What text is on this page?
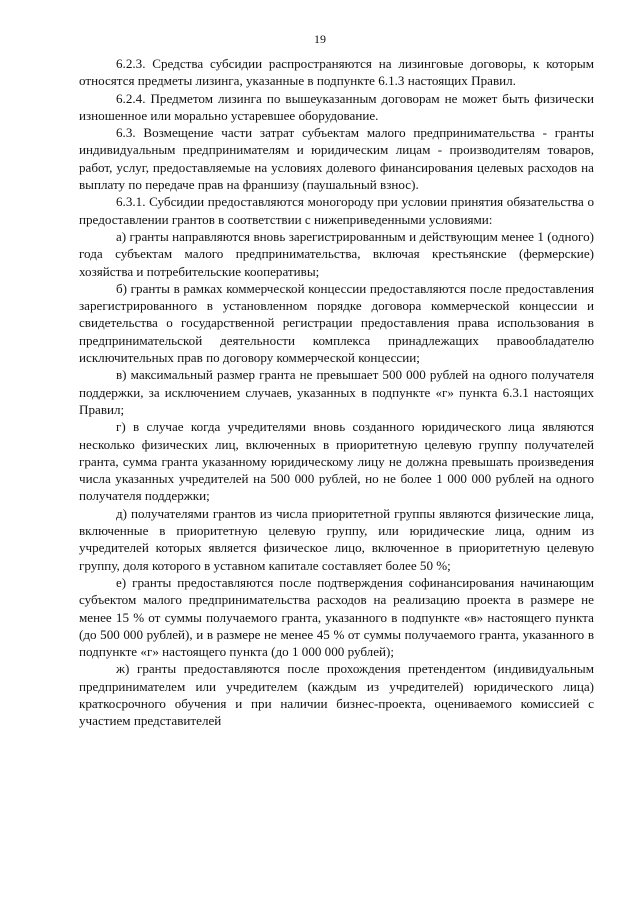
19

6.2.3. Средства субсидии распространяются на лизинговые договоры, к которым относятся предметы лизинга, указанные в подпункте 6.1.3 настоящих Правил.

6.2.4. Предметом лизинга по вышеуказанным договорам не может быть физически изношенное или морально устаревшее оборудование.

6.3. Возмещение части затрат субъектам малого предпринимательства - гранты индивидуальным предпринимателям и юридическим лицам - производителям товаров, работ, услуг, предоставляемые на условиях долевого финансирования целевых расходов на выплату по передаче прав на франшизу (паушальный взнос).

6.3.1. Субсидии предоставляются моногороду при условии принятия обязательства о предоставлении грантов в соответствии с нижеприведенными условиями:

а) гранты направляются вновь зарегистрированным и действующим менее 1 (одного) года субъектам малого предпринимательства, включая крестьянские (фермерские) хозяйства и потребительские кооперативы;

б) гранты в рамках коммерческой концессии предоставляются после предоставления зарегистрированного в установленном порядке договора коммерческой концессии и свидетельства о государственной регистрации предоставления права использования в предпринимательской деятельности комплекса принадлежащих правообладателю исключительных прав по договору коммерческой концессии;

в) максимальный размер гранта не превышает 500 000 рублей на одного получателя поддержки, за исключением случаев, указанных в подпункте «г» пункта 6.3.1 настоящих Правил;

г) в случае когда учредителями вновь созданного юридического лица являются несколько физических лиц, включенных в приоритетную целевую группу получателей гранта, сумма гранта указанному юридическому лицу не должна превышать произведения числа указанных учредителей на 500 000 рублей, но не более 1 000 000 рублей на одного получателя поддержки;

д) получателями грантов из числа приоритетной группы являются физические лица, включенные в приоритетную целевую группу, или юридические лица, одним из учредителей которых является физическое лицо, включенное в приоритетную целевую группу, доля которого в уставном капитале составляет более 50 %;

е) гранты предоставляются после подтверждения софинансирования начинающим субъектом малого предпринимательства расходов на реализацию проекта в размере не менее 15 % от суммы получаемого гранта, указанного в подпункте «в» настоящего пункта (до 500 000 рублей), и в размере не менее 45 % от суммы получаемого гранта, указанного в подпункте «г» настоящего пункта (до 1 000 000 рублей);

ж) гранты предоставляются после прохождения претендентом (индивидуальным предпринимателем или учредителем (каждым из учредителей) юридического лица) краткосрочного обучения и при наличии бизнес-проекта, оцениваемого комиссией с участием представителей
